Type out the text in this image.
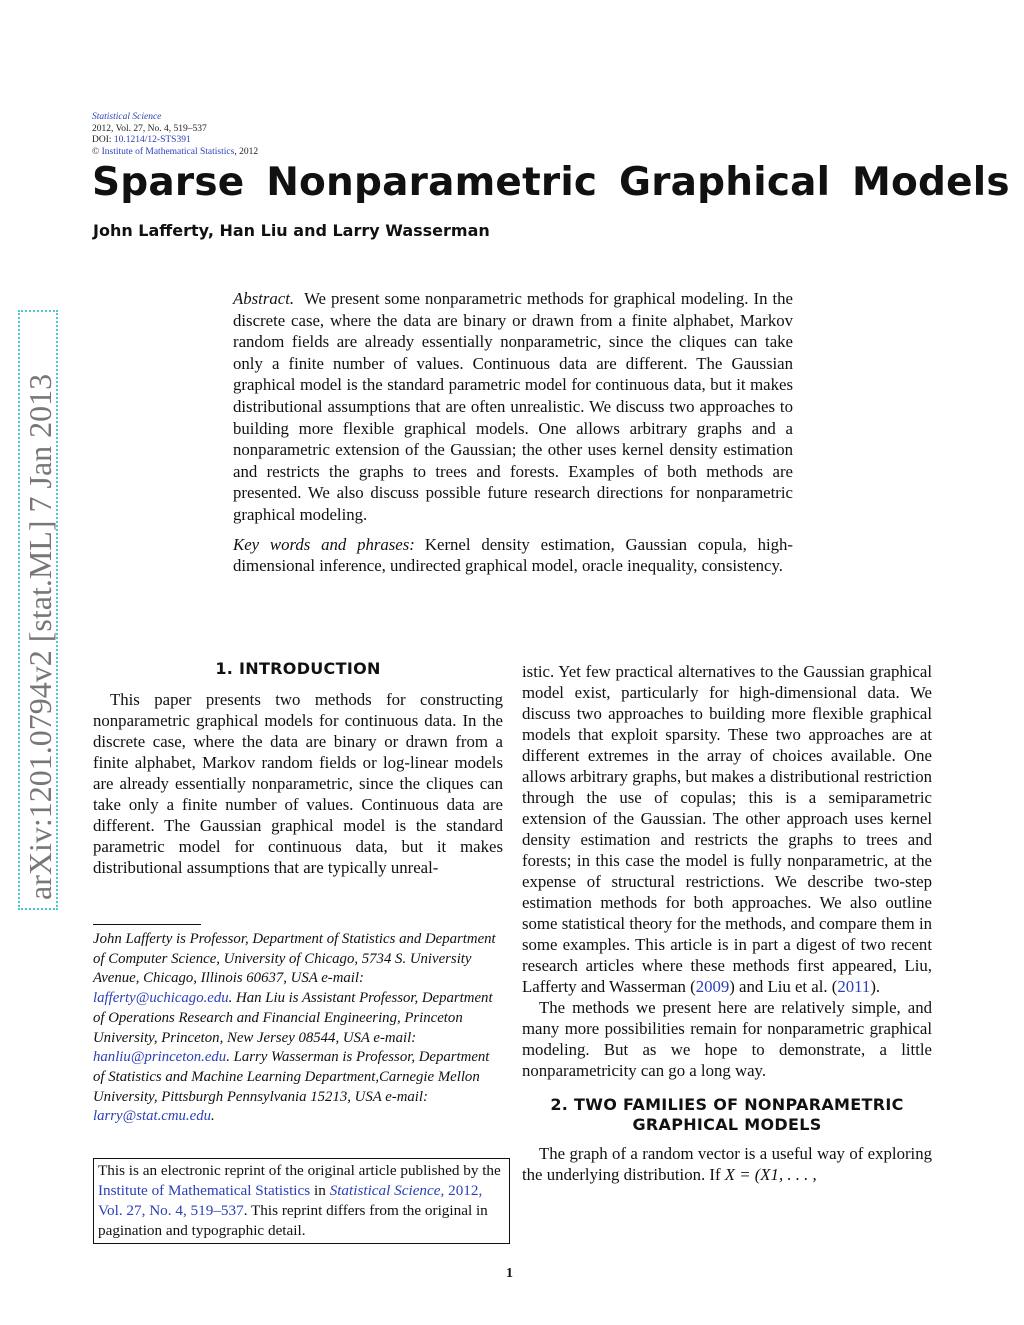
Statistical Science
2012, Vol. 27, No. 4, 519–537
DOI: 10.1214/12-STS391
© Institute of Mathematical Statistics, 2012
Sparse Nonparametric Graphical Models
John Lafferty, Han Liu and Larry Wasserman
arXiv:1201.0794v2 [stat.ML] 7 Jan 2013

Abstract. We present some nonparametric methods for graphical modeling. In the discrete case, where the data are binary or drawn from a finite alphabet, Markov random fields are already essentially nonparametric, since the cliques can take only a finite number of values. Continuous data are different. The Gaussian graphical model is the standard parametric model for continuous data, but it makes distributional assumptions that are often unrealistic. We discuss two approaches to building more flexible graphical models. One allows arbitrary graphs and a nonparametric extension of the Gaussian; the other uses kernel density estimation and restricts the graphs to trees and forests. Examples of both methods are presented. We also discuss possible future research directions for nonparametric graphical modeling.

Key words and phrases: Kernel density estimation, Gaussian copula, high-dimensional inference, undirected graphical model, oracle inequality, consistency.

1. INTRODUCTION

This paper presents two methods for constructing nonparametric graphical models for continuous data. In the discrete case, where the data are binary or drawn from a finite alphabet, Markov random fields or log-linear models are already essentially nonparametric, since the cliques can take only a finite number of values. Continuous data are different. The Gaussian graphical model is the standard parametric model for continuous data, but it makes distributional assumptions that are typically unreal-

John Lafferty is Professor, Department of Statistics and Department of Computer Science, University of Chicago, 5734 S. University Avenue, Chicago, Illinois 60637, USA e-mail: lafferty@uchicago.edu. Han Liu is Assistant Professor, Department of Operations Research and Financial Engineering, Princeton University, Princeton, New Jersey 08544, USA e-mail: hanliu@princeton.edu. Larry Wasserman is Professor, Department of Statistics and Machine Learning Department,Carnegie Mellon University, Pittsburgh Pennsylvania 15213, USA e-mail: larry@stat.cmu.edu.
This is an electronic reprint of the original article published by the Institute of Mathematical Statistics in Statistical Science, 2012, Vol. 27, No. 4, 519–537. This reprint differs from the original in pagination and typographic detail.

istic. Yet few practical alternatives to the Gaussian graphical model exist, particularly for high-dimensional data. We discuss two approaches to building more flexible graphical models that exploit sparsity. These two approaches are at different extremes in the array of choices available. One allows arbitrary graphs, but makes a distributional restriction through the use of copulas; this is a semiparametric extension of the Gaussian. The other approach uses kernel density estimation and restricts the graphs to trees and forests; in this case the model is fully nonparametric, at the expense of structural restrictions. We describe two-step estimation methods for both approaches. We also outline some statistical theory for the methods, and compare them in some examples. This article is in part a digest of two recent research articles where these methods first appeared, Liu, Lafferty and Wasserman (2009) and Liu et al. (2011).

The methods we present here are relatively simple, and many more possibilities remain for nonparametric graphical modeling. But as we hope to demonstrate, a little nonparametricity can go a long way.

2. TWO FAMILIES OF NONPARAMETRIC
GRAPHICAL MODELS

The graph of a random vector is a useful way of exploring the underlying distribution. If X = (X1, . . . ,

1
